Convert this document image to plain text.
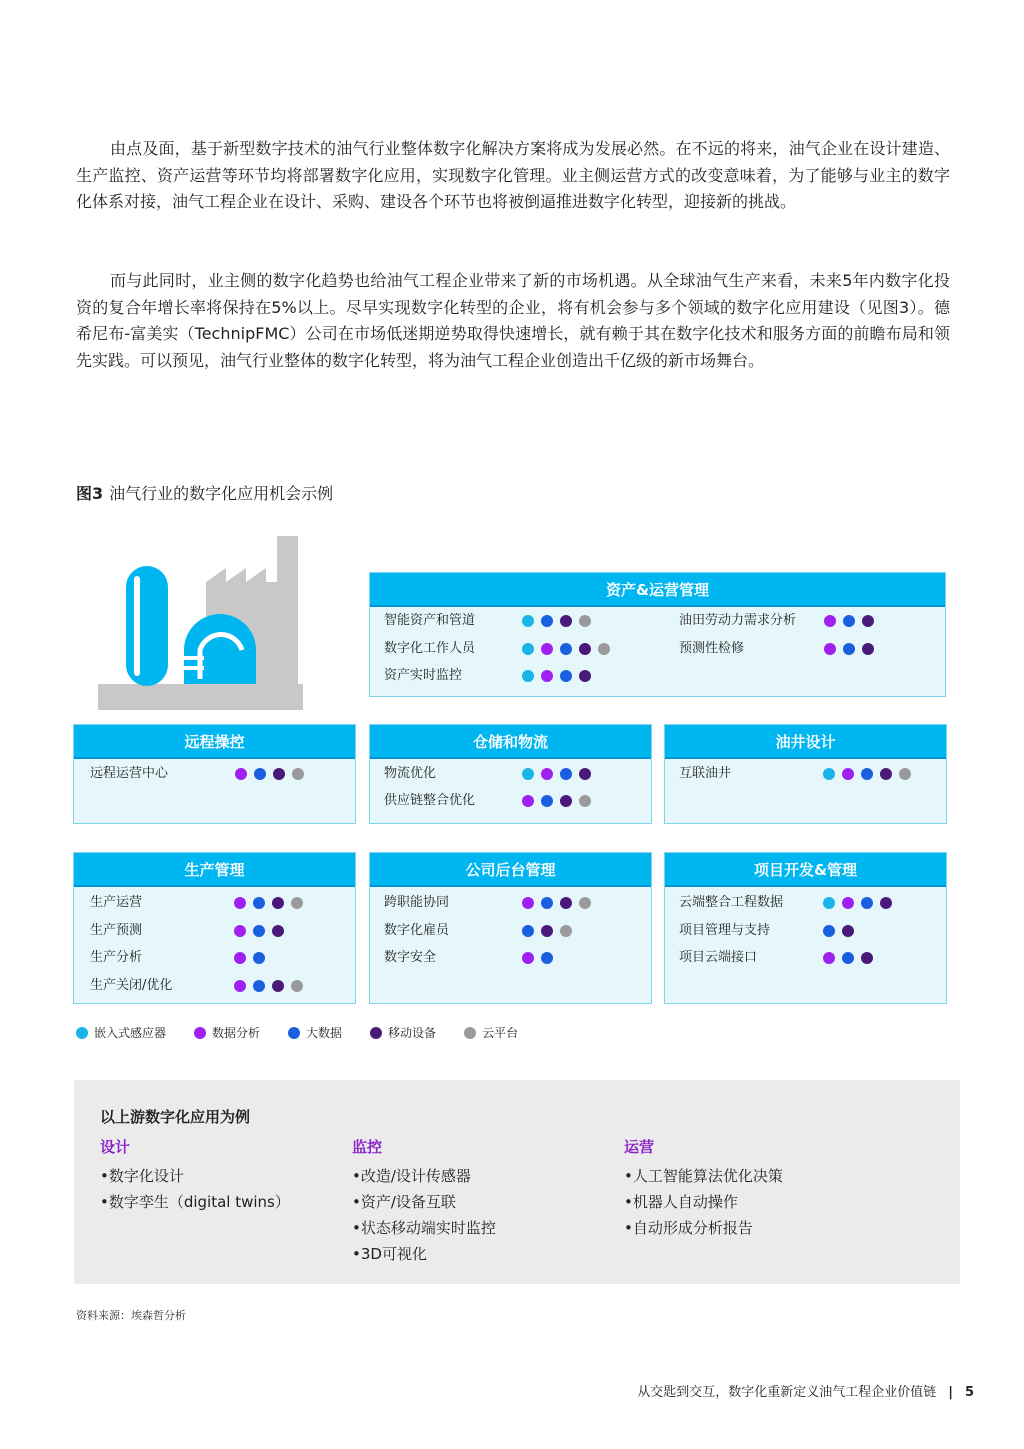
由点及面，基于新型数字技术的油气行业整体数字化解决方案将成为发展必然。在不远的将来，油气企业在设计建造、生产监控、资产运营等环节均将部署数字化应用，实现数字化管理。业主侧运营方式的改变意味着，为了能够与业主的数字化体系对接，油气工程企业在设计、采购、建设各个环节也将被倒逼推进数字化转型，迎接新的挑战。

而与此同时，业主侧的数字化趋势也给油气工程企业带来了新的市场机遇。从全球油气生产来看，未来5年内数字化投资的复合年增长率将保持在5%以上。尽早实现数字化转型的企业，将有机会参与多个领域的数字化应用建设（见图3）。德希尼布-富美实（TechnipFMC）公司在市场低迷期逆势取得快速增长，就有赖于其在数字化技术和服务方面的前瞻布局和领先实践。可以预见，油气行业整体的数字化转型，将为油气工程企业创造出千亿级的新市场舞台。

图3 油气行业的数字化应用机会示例
资产&运营管理
智能资产和管道
数字化工作人员
资产实时监控
油田劳动力需求分析
预测性检修
远程操控
远程运营中心
仓储和物流
物流优化
供应链整合优化
油井设计
互联油井
生产管理
生产运营
生产预测
生产分析
生产关闭/优化
公司后台管理
跨职能协同
数字化雇员
数字安全
项目开发&管理
云端整合工程数据
项目管理与支持
项目云端接口
嵌入式感应器	数据分析	大数据	移动设备	云平台
以上游数字化应用为例
设计
•数字化设计
•数字孪生（digital twins）
监控
•改造/设计传感器
•资产/设备互联
•状态移动端实时监控
•3D可视化
运营
•人工智能算法优化决策
•机器人自动操作
•自动形成分析报告
资料来源：埃森哲分析
从交匙到交互，数字化重新定义油气工程企业价值链 | 5
